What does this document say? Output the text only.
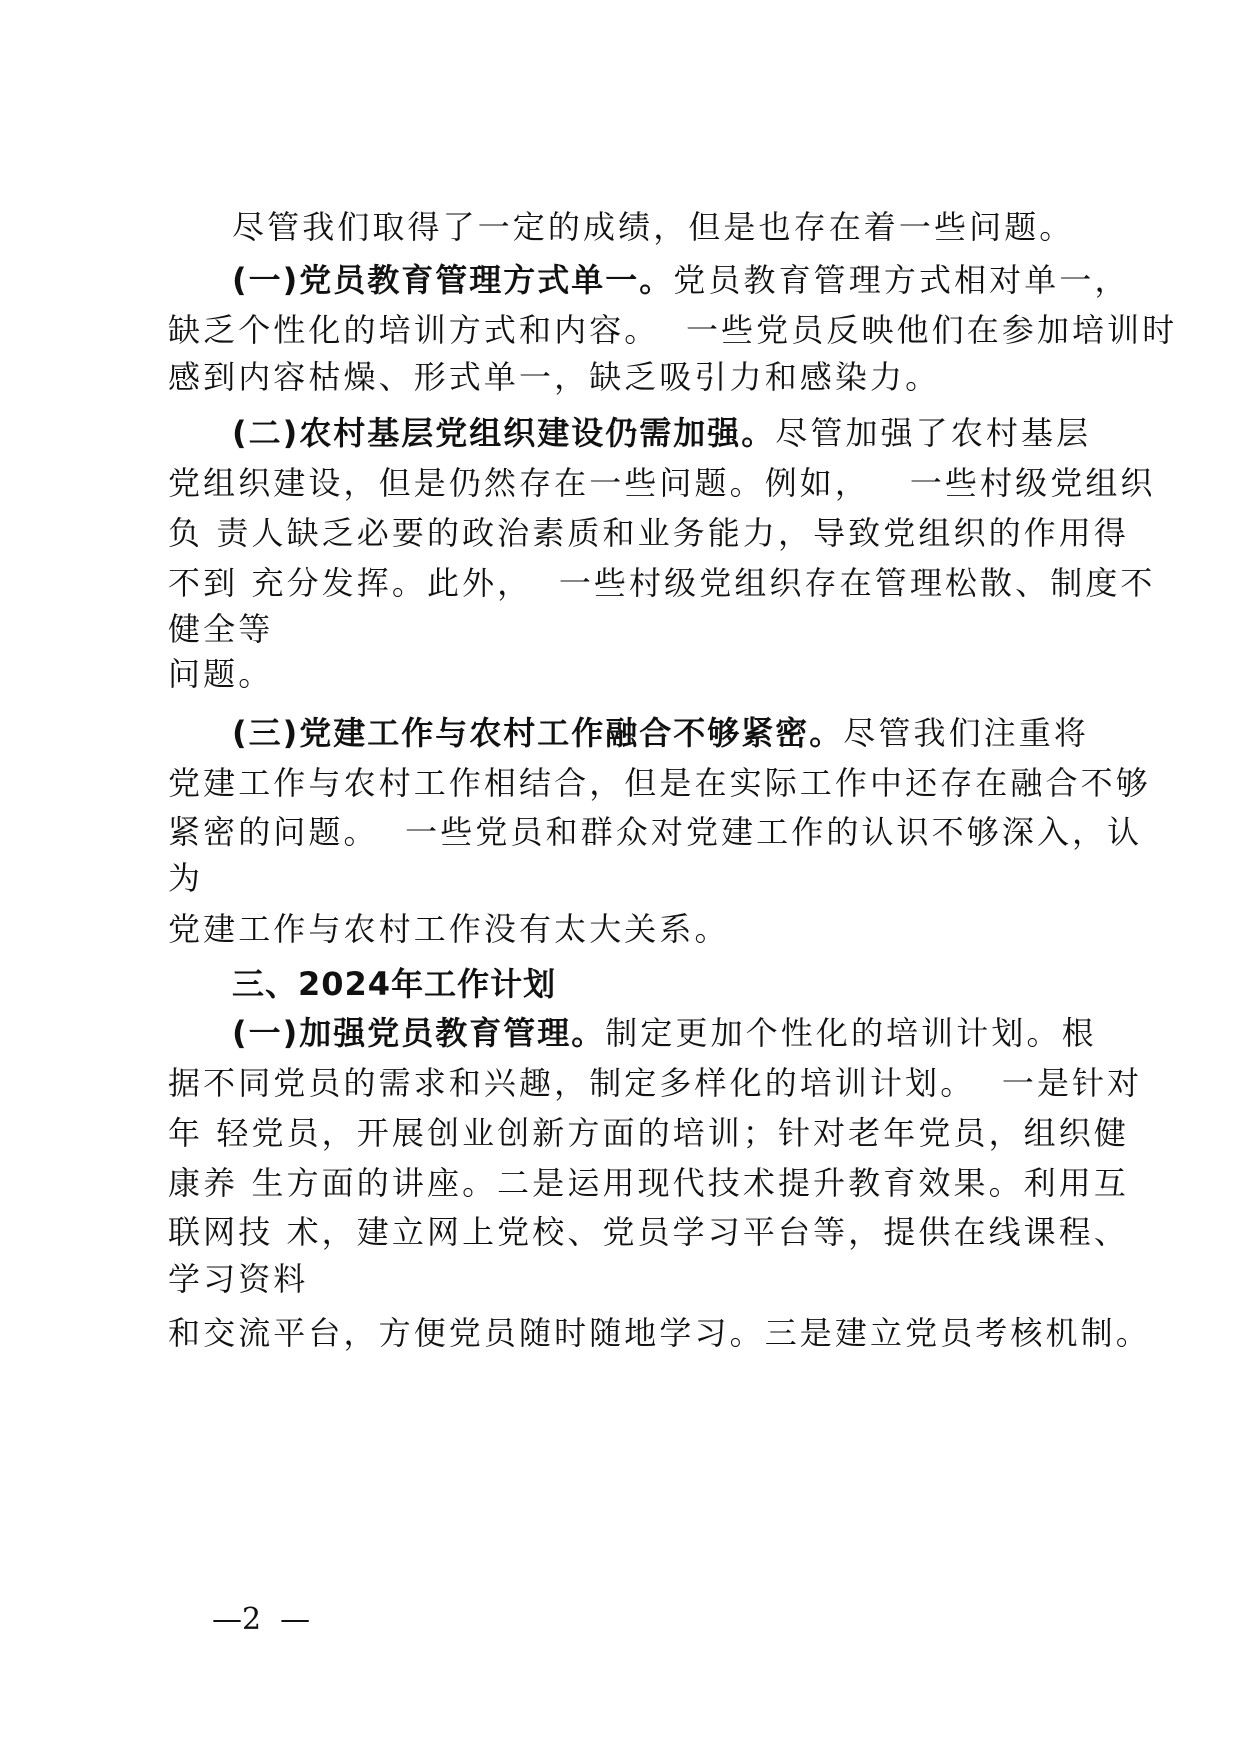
尽管我们取得了一定的成绩，但是也存在着一些问题。
(一)党员教育管理方式单一。党员教育管理方式相对单一，
缺乏个性化的培训方式和内容。  一些党员反映他们在参加培训时
感到内容枯燥、形式单一，缺乏吸引力和感染力。
(二)农村基层党组织建设仍需加强。尽管加强了农村基层
党组织建设，但是仍然存在一些问题。例如，   一些村级党组织
负 责人缺乏必要的政治素质和业务能力，导致党组织的作用得
不到 充分发挥。此外，  一些村级党组织存在管理松散、制度不
健全等
问题。
(三)党建工作与农村工作融合不够紧密。尽管我们注重将
党建工作与农村工作相结合，但是在实际工作中还存在融合不够
紧密的问题。  一些党员和群众对党建工作的认识不够深入，认
为
党建工作与农村工作没有太大关系。
三、2024年工作计划
(一)加强党员教育管理。制定更加个性化的培训计划。根
据不同党员的需求和兴趣，制定多样化的培训计划。  一是针对
年 轻党员，开展创业创新方面的培训；针对老年党员，组织健
康养 生方面的讲座。二是运用现代技术提升教育效果。利用互
联网技 术，建立网上党校、党员学习平台等，提供在线课程、
学习资料
和交流平台，方便党员随时随地学习。三是建立党员考核机制。
—2  —
